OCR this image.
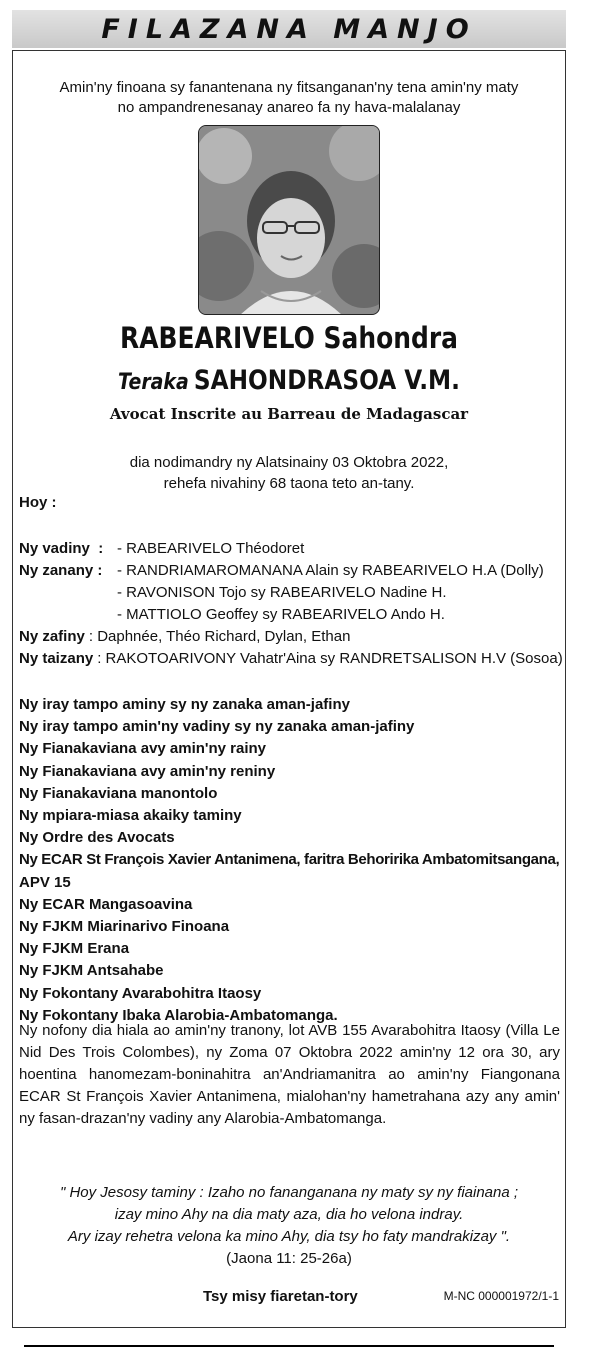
FILAZANA MANJO
Amin'ny finoana sy fanantenana ny fitsanganan'ny tena amin'ny maty
no ampandrenesanay anareo fa ny hava-malalanay
RABEARIVELO Sahondra
Teraka SAHONDRASOA V.M.
Avocat Inscrite au Barreau de Madagascar
dia nodimandry ny Alatsinainy 03 Oktobra 2022,
rehefa nivahiny 68 taona teto an-tany.
Hoy :
Ny vadiny : - RABEARIVELO Théodoret
Ny zanany : - RANDRIAMAROMANANA Alain sy RABEARIVELO H.A (Dolly)
- RAVONISON Tojo sy RABEARIVELO Nadine H.
- MATTIOLO Geoffey sy RABEARIVELO Ando H.
Ny zafiny : Daphnée, Théo Richard, Dylan, Ethan
Ny taizany : RAKOTOARIVONY Vahatr'Aina sy RANDRETSALISON H.V (Sosoa)
Ny iray tampo aminy sy ny zanaka aman-jafiny
Ny iray tampo amin'ny vadiny sy ny zanaka aman-jafiny
Ny Fianakaviana avy amin'ny rainy
Ny Fianakaviana avy amin'ny reniny
Ny Fianakaviana manontolo
Ny mpiara-miasa akaiky taminy
Ny Ordre des Avocats
Ny ECAR St François Xavier Antanimena, faritra Behoririka Ambatomitsangana,
APV 15
Ny ECAR Mangasoavina
Ny FJKM Miarinarivo Finoana
Ny FJKM Erana
Ny FJKM Antsahabe
Ny Fokontany Avarabohitra Itaosy
Ny Fokontany Ibaka Alarobia-Ambatomanga.
Ny nofony dia hiala ao amin'ny tranony, lot AVB 155 Avarabohitra Itaosy (Villa Le Nid Des Trois Colombes), ny Zoma 07 Oktobra 2022 amin'ny 12 ora 30, ary hoentina hanomezam-boninahitra an'Andriamanitra ao amin'ny Fiangonana ECAR St François Xavier Antanimena, mialohan'ny hametrahana azy any amin' ny fasan-drazan'ny vadiny any Alarobia-Ambatomanga.
" Hoy Jesosy taminy : Izaho no fananganana ny maty sy ny fiainana ;
izay mino Ahy na dia maty aza, dia ho velona indray.
Ary izay rehetra velona ka mino Ahy, dia tsy ho faty mandrakizay ".
(Jaona 11: 25-26a)
Tsy misy fiaretan-tory	M-NC 000001972/1-1
